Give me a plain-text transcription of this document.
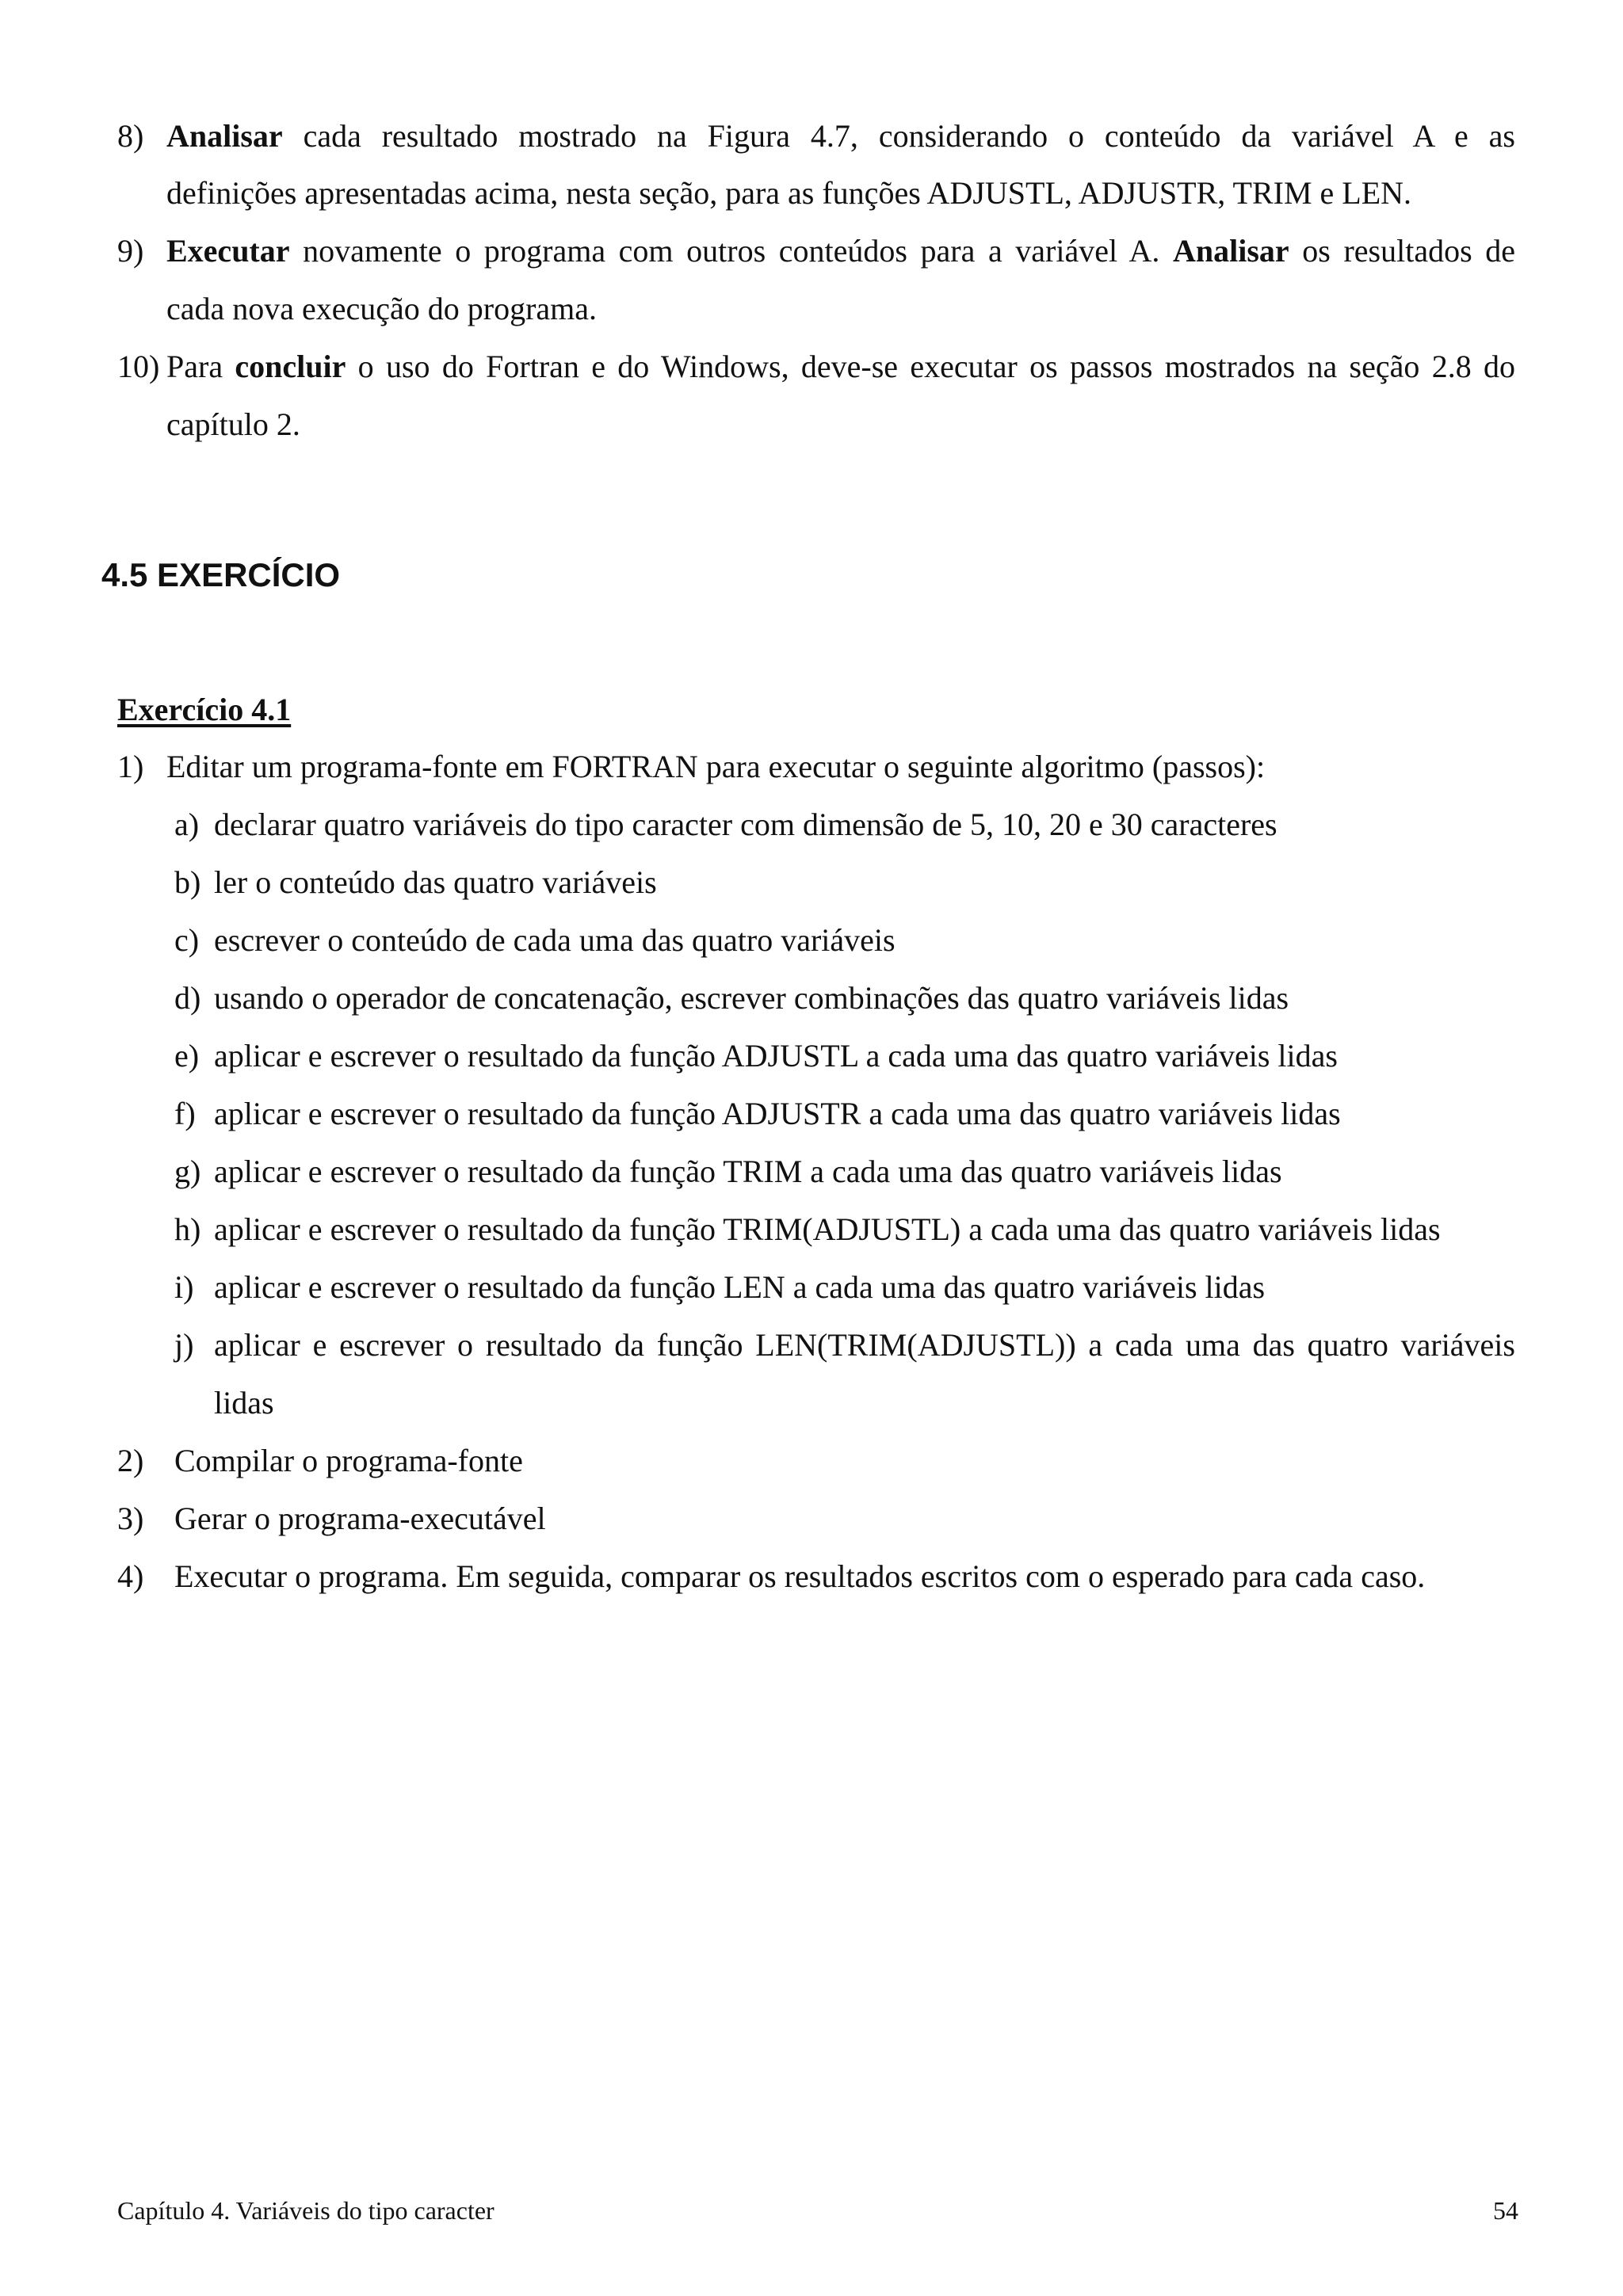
8) Analisar cada resultado mostrado na Figura 4.7, considerando o conteúdo da variável A e as
definições apresentadas acima, nesta seção, para as funções ADJUSTL, ADJUSTR, TRIM e LEN.
9) Executar novamente o programa com outros conteúdos para a variável A. Analisar os resultados de
cada nova execução do programa.
10) Para concluir o uso do Fortran e do Windows, deve-se executar os passos mostrados na seção 2.8 do
capítulo 2.
4.5 EXERCÍCIO
Exercício 4.1
1) Editar um programa-fonte em FORTRAN para executar o seguinte algoritmo (passos):
a) declarar quatro variáveis do tipo caracter com dimensão de 5, 10, 20 e 30 caracteres
b) ler o conteúdo das quatro variáveis
c) escrever o conteúdo de cada uma das quatro variáveis
d) usando o operador de concatenação, escrever combinações das quatro variáveis lidas
e) aplicar e escrever o resultado da função ADJUSTL a cada uma das quatro variáveis lidas
f) aplicar e escrever o resultado da função ADJUSTR a cada uma das quatro variáveis lidas
g) aplicar e escrever o resultado da função TRIM a cada uma das quatro variáveis lidas
h) aplicar e escrever o resultado da função TRIM(ADJUSTL) a cada uma das quatro variáveis lidas
i) aplicar e escrever o resultado da função LEN a cada uma das quatro variáveis lidas
j) aplicar e escrever o resultado da função LEN(TRIM(ADJUSTL)) a cada uma das quatro variáveis
lidas
2) Compilar o programa-fonte
3) Gerar o programa-executável
4) Executar o programa. Em seguida, comparar os resultados escritos com o esperado para cada caso.
Capítulo 4. Variáveis do tipo caracter	54
